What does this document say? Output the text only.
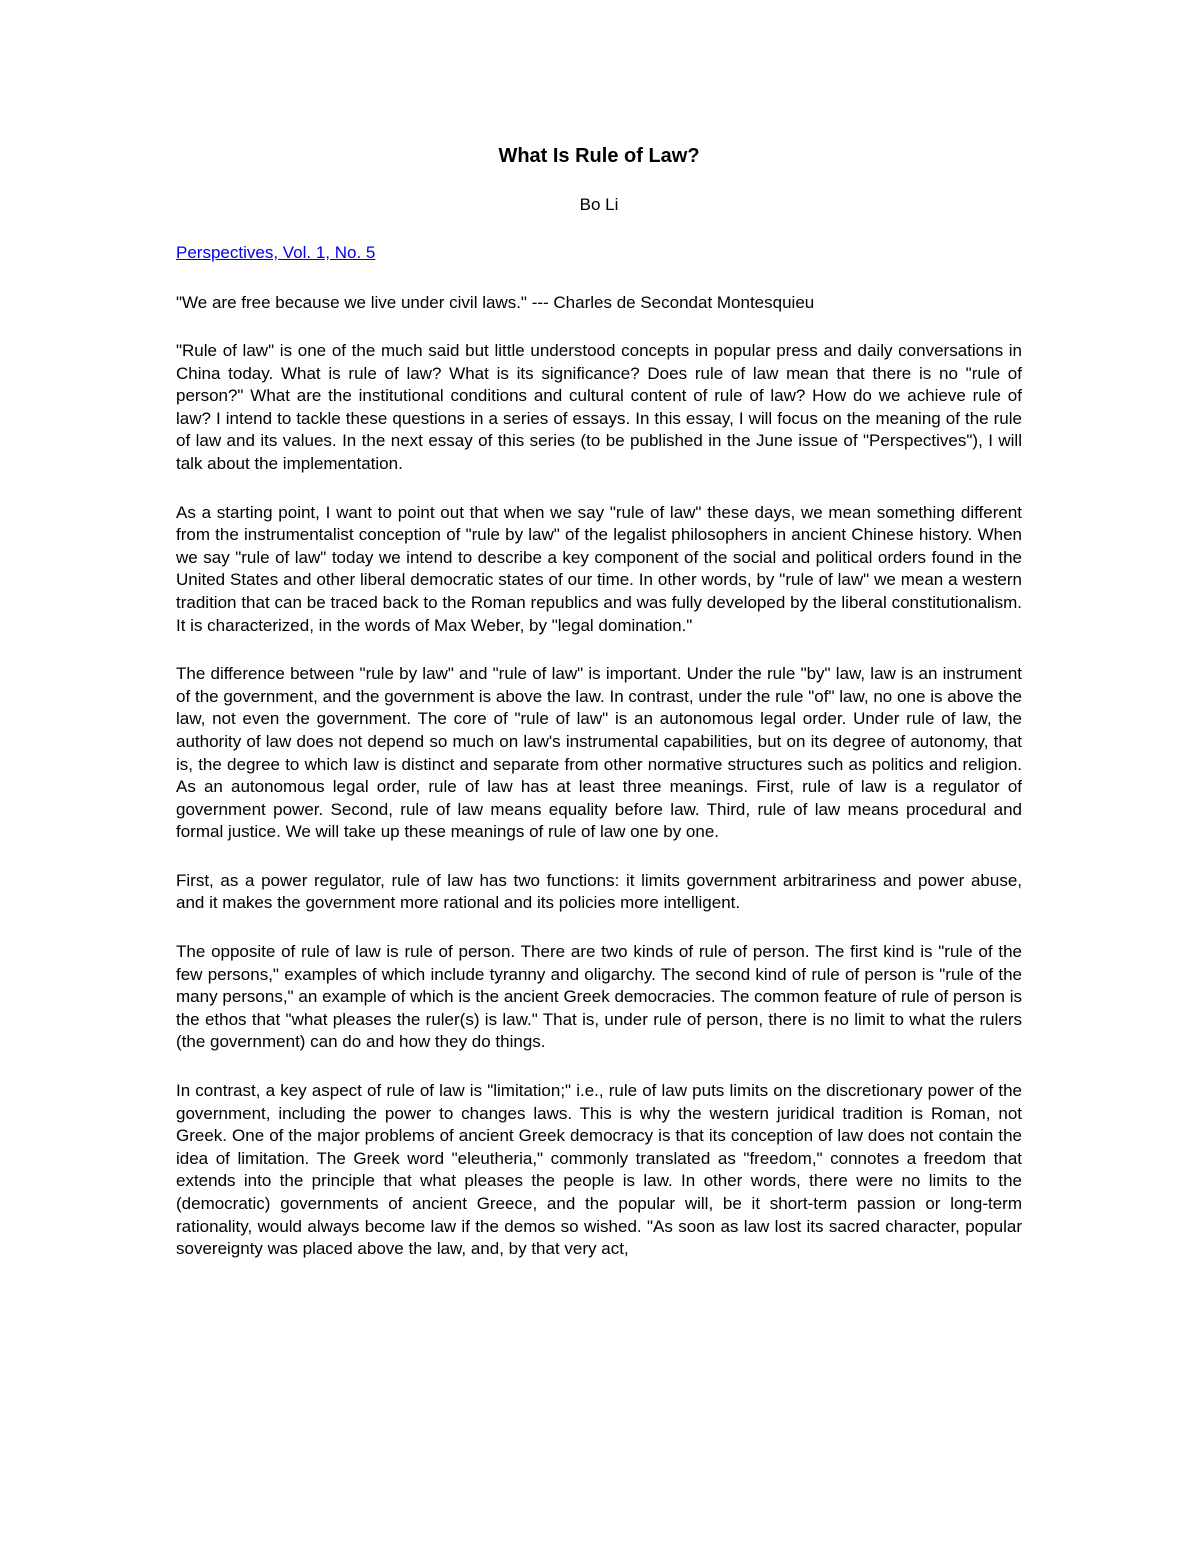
What Is Rule of Law?
Bo Li
Perspectives, Vol. 1, No. 5
"We are free because we live under civil laws." --- Charles de Secondat Montesquieu
"Rule of law" is one of the much said but little understood concepts in popular press and daily conversations in China today. What is rule of law? What is its significance? Does rule of law mean that there is no "rule of person?" What are the institutional conditions and cultural content of rule of law? How do we achieve rule of law? I intend to tackle these questions in a series of essays. In this essay, I will focus on the meaning of the rule of law and its values. In the next essay of this series (to be published in the June issue of "Perspectives"), I will talk about the implementation.
As a starting point, I want to point out that when we say "rule of law" these days, we mean something different from the instrumentalist conception of "rule by law" of the legalist philosophers in ancient Chinese history. When we say "rule of law" today we intend to describe a key component of the social and political orders found in the United States and other liberal democratic states of our time. In other words, by "rule of law" we mean a western tradition that can be traced back to the Roman republics and was fully developed by the liberal constitutionalism. It is characterized, in the words of Max Weber, by "legal domination."
The difference between "rule by law" and "rule of law" is important. Under the rule "by" law, law is an instrument of the government, and the government is above the law. In contrast, under the rule "of" law, no one is above the law, not even the government. The core of "rule of law" is an autonomous legal order. Under rule of law, the authority of law does not depend so much on law's instrumental capabilities, but on its degree of autonomy, that is, the degree to which law is distinct and separate from other normative structures such as politics and religion. As an autonomous legal order, rule of law has at least three meanings. First, rule of law is a regulator of government power. Second, rule of law means equality before law. Third, rule of law means procedural and formal justice. We will take up these meanings of rule of law one by one.
First, as a power regulator, rule of law has two functions: it limits government arbitrariness and power abuse, and it makes the government more rational and its policies more intelligent.
The opposite of rule of law is rule of person. There are two kinds of rule of person. The first kind is "rule of the few persons," examples of which include tyranny and oligarchy. The second kind of rule of person is "rule of the many persons," an example of which is the ancient Greek democracies. The common feature of rule of person is the ethos that "what pleases the ruler(s) is law." That is, under rule of person, there is no limit to what the rulers (the government) can do and how they do things.
In contrast, a key aspect of rule of law is "limitation;" i.e., rule of law puts limits on the discretionary power of the government, including the power to changes laws. This is why the western juridical tradition is Roman, not Greek. One of the major problems of ancient Greek democracy is that its conception of law does not contain the idea of limitation. The Greek word "eleutheria," commonly translated as "freedom," connotes a freedom that extends into the principle that what pleases the people is law. In other words, there were no limits to the (democratic) governments of ancient Greece, and the popular will, be it short-term passion or long-term rationality, would always become law if the demos so wished. "As soon as law lost its sacred character, popular sovereignty was placed above the law, and, by that very act,
